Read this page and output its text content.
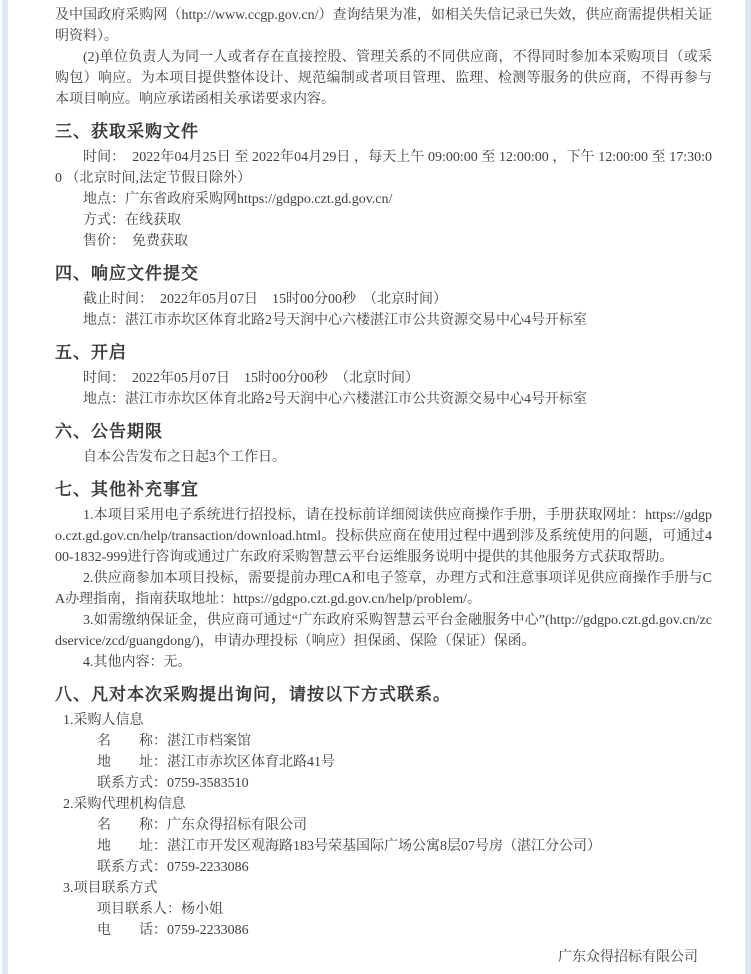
及中国政府采购网（http://www.ccgp.gov.cn/）查询结果为准，如相关失信记录已失效，供应商需提供相关证明资料）。

(2)单位负责人为同一人或者存在直接控股、管理关系的不同供应商，不得同时参加本采购项目（或采购包）响应。为本项目提供整体设计、规范编制或者项目管理、监理、检测等服务的供应商，不得再参与本项目响应。响应承诺函相关承诺要求内容。

三、获取采购文件

时间：　2022年04月25日 至 2022年04月29日 ，每天上午 09:00:00 至 12:00:00 ，下午 12:00:00 至 17:30:00 （北京时间,法定节假日除外）

地点：广东省政府采购网https://gdgpo.czt.gd.gov.cn/

方式：在线获取

售价：　免费获取

四、响应文件提交

截止时间：　2022年05月07日　15时00分00秒　（北京时间）

地点：湛江市赤坎区体育北路2号天润中心六楼湛江市公共资源交易中心4号开标室

五、开启

时间：　2022年05月07日　15时00分00秒　（北京时间）

地点：湛江市赤坎区体育北路2号天润中心六楼湛江市公共资源交易中心4号开标室

六、公告期限

自本公告发布之日起3个工作日。

七、其他补充事宜

1.本项目采用电子系统进行招投标，请在投标前详细阅读供应商操作手册，手册获取网址：https://gdgpo.czt.gd.gov.cn/help/transaction/download.html。投标供应商在使用过程中遇到涉及系统使用的问题，可通过400-1832-999进行咨询或通过广东政府采购智慧云平台运维服务说明中提供的其他服务方式获取帮助。

2.供应商参加本项目投标，需要提前办理CA和电子签章，办理方式和注意事项详见供应商操作手册与CA办理指南，指南获取地址：https://gdgpo.czt.gd.gov.cn/help/problem/。

3.如需缴纳保证金，供应商可通过“广东政府采购智慧云平台金融服务中心”(http://gdgpo.czt.gd.gov.cn/zcdservice/zcd/guangdong/)，申请办理投标（响应）担保函、保险（保证）保函。

4.其他内容：无。

八、凡对本次采购提出询问，请按以下方式联系。

1.采购人信息

名　　称：湛江市档案馆

地　　址：湛江市赤坎区体育北路41号

联系方式：0759-3583510

2.采购代理机构信息

名　　称：广东众得招标有限公司

地　　址：湛江市开发区观海路183号荣基国际广场公寓8层07号房（湛江分公司）

联系方式：0759-2233086

3.项目联系方式

项目联系人：杨小姐

电　　话：0759-2233086

广东众得招标有限公司
